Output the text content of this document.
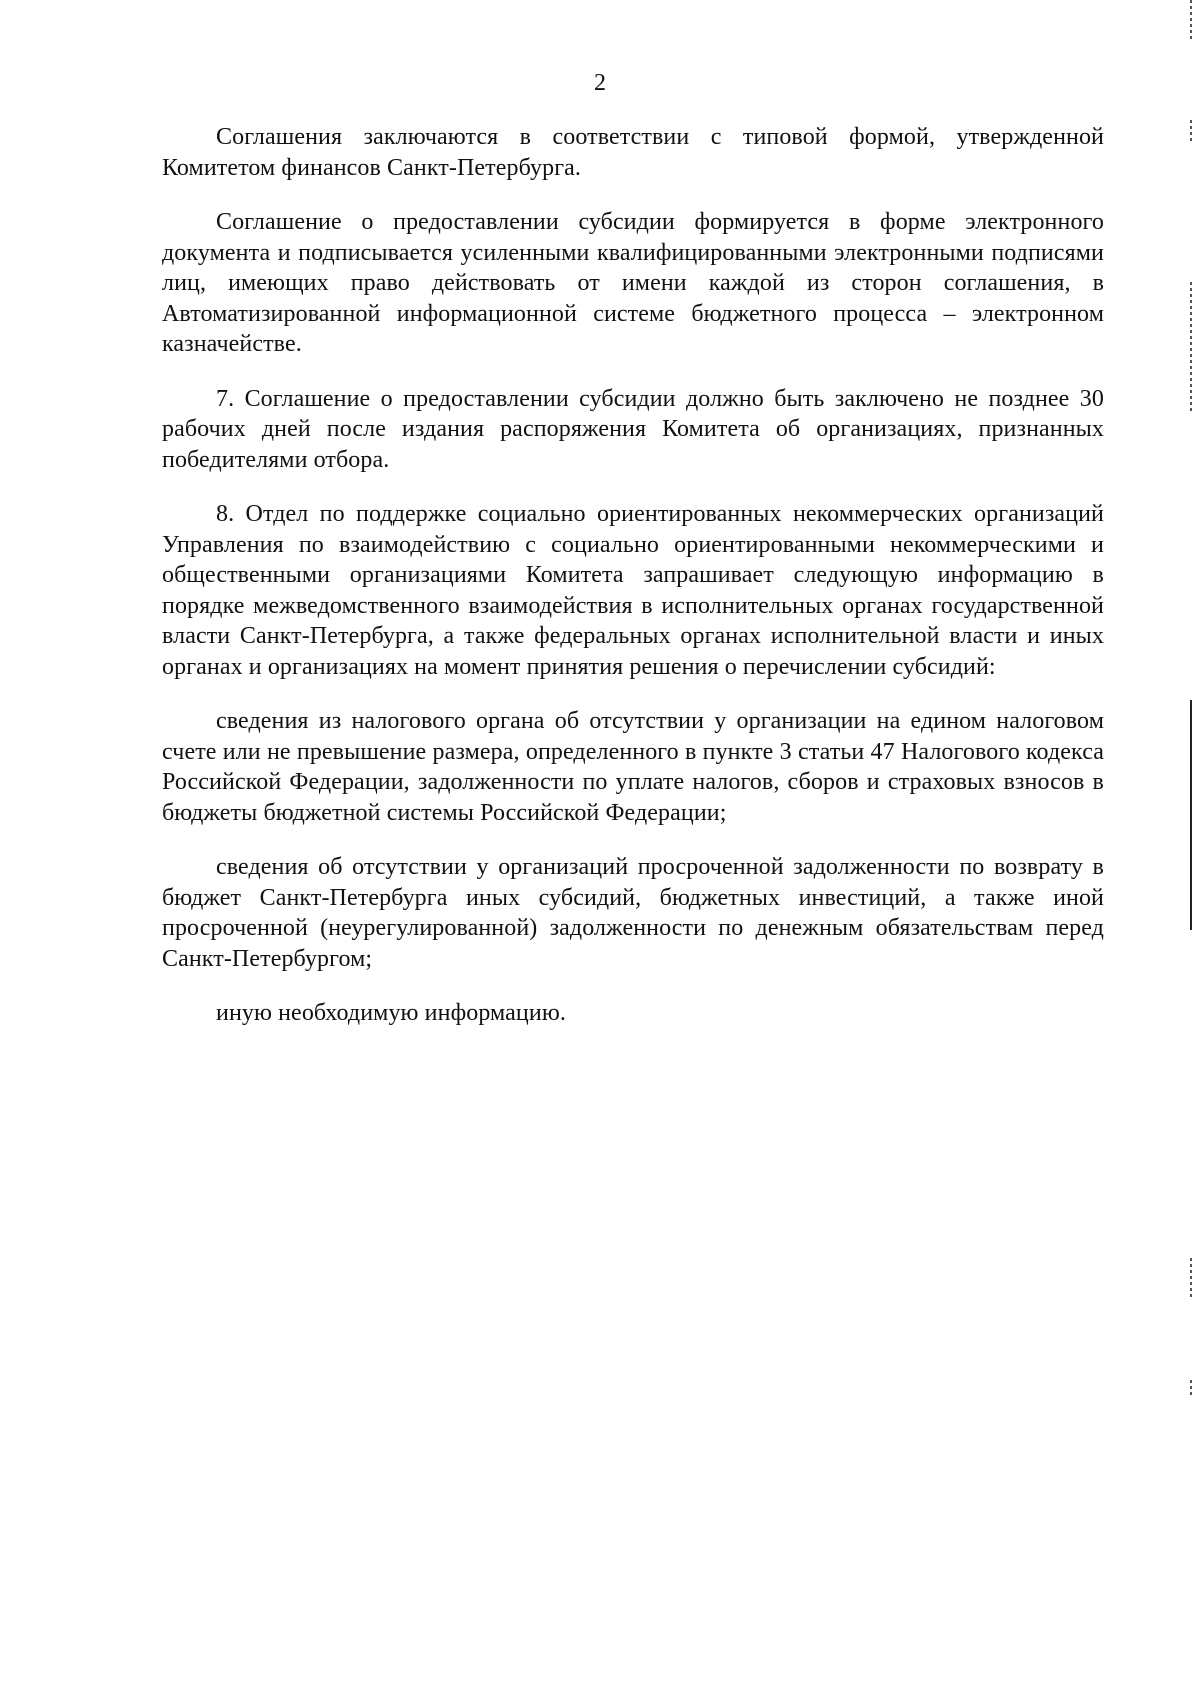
2

Соглашения заключаются в соответствии с типовой формой, утвержденной Комитетом финансов Санкт-Петербурга.

Соглашение о предоставлении субсидии формируется в форме электронного документа и подписывается усиленными квалифицированными электронными подписями лиц, имеющих право действовать от имени каждой из сторон соглашения, в Автоматизированной информационной системе бюджетного процесса – электронном казначействе.

7. Соглашение о предоставлении субсидии должно быть заключено не позднее 30 рабочих дней после издания распоряжения Комитета об организациях, признанных победителями отбора.

8. Отдел по поддержке социально ориентированных некоммерческих организаций Управления по взаимодействию с социально ориентированными некоммерческими и общественными организациями Комитета запрашивает следующую информацию в порядке межведомственного взаимодействия в исполнительных органах государственной власти Санкт-Петербурга, а также федеральных органах исполнительной власти и иных органах и организациях на момент принятия решения о перечислении субсидий:

сведения из налогового органа об отсутствии у организации на едином налоговом счете или не превышение размера, определенного в пункте 3 статьи 47 Налогового кодекса Российской Федерации, задолженности по уплате налогов, сборов и страховых взносов в бюджеты бюджетной системы Российской Федерации;

сведения об отсутствии у организаций просроченной задолженности по возврату в бюджет Санкт-Петербурга иных субсидий, бюджетных инвестиций, а также иной просроченной (неурегулированной) задолженности по денежным обязательствам перед Санкт-Петербургом;

иную необходимую информацию.
